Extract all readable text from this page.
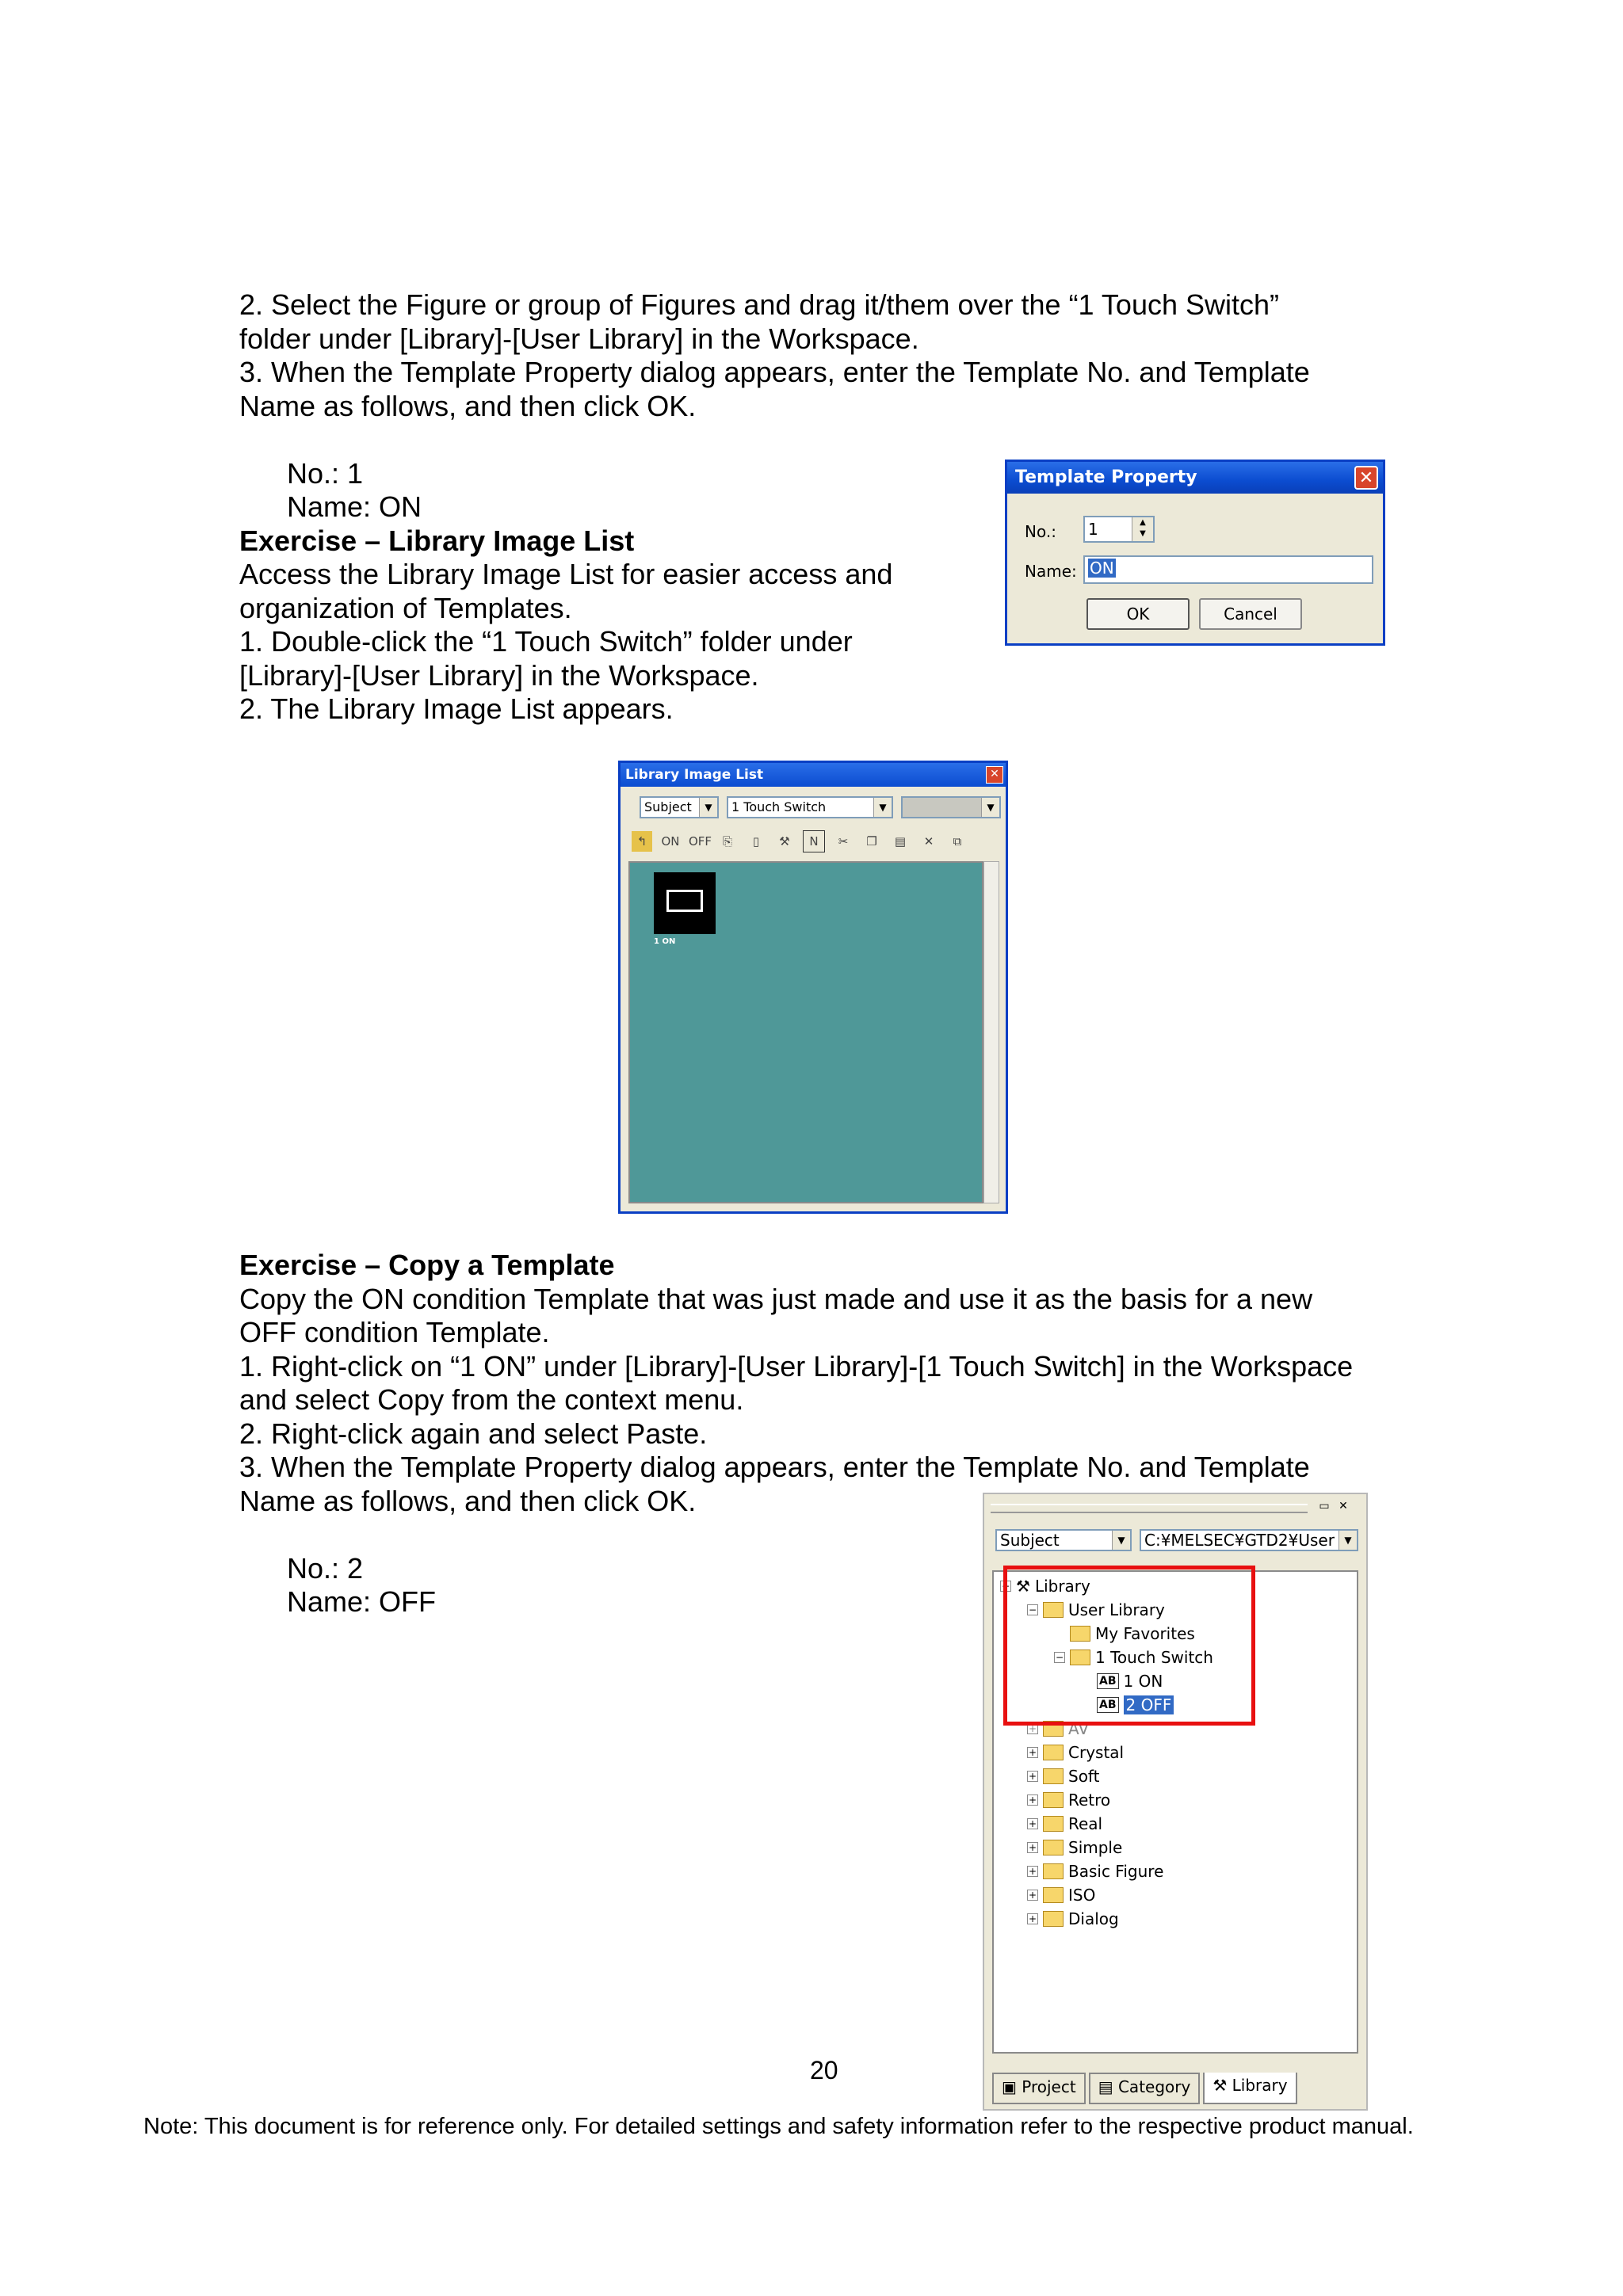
2. Select the Figure or group of Figures and drag it/them over the “1 Touch Switch”

folder under [Library]-[User Library] in the Workspace.

3. When the Template Property dialog appears, enter the Template No. and Template

Name as follows, and then click OK.

No.: 1

Name: ON

Exercise – Library Image List

Access the Library Image List for easier access and

organization of Templates.

1. Double-click the “1 Touch Switch” folder under

[Library]-[User Library] in the Workspace.

2. The Library Image List appears.

Template Property	✕
No.:	1	▲
▼
Name: ON
OK	Cancel
Library Image List	✕
Subject	▼	1 Touch Switch	▼	▼
↰	ON OFF ⎘	▯	⚒	N	✂	❐	▤	✕	⧉
1 ON

Exercise – Copy a Template

Copy the ON condition Template that was just made and use it as the basis for a new

OFF condition Template.

1. Right-click on “1 ON” under [Library]-[User Library]-[1 Touch Switch] in the Workspace

and select Copy from the context menu.

2. Right-click again and select Paste.

3. When the Template Property dialog appears, enter the Template No. and Template

Name as follows, and then click OK.

No.: 2

Name: OFF

▭ ✕
Subject	▼	C:¥MELSEC¥GTD2¥User	▼
− ⚒ Library
− User Library
My Favorites
− 1 Touch Switch
AB 1 ON
AB 2 OFF
+ AV
+ Crystal
+ Soft
+ Retro
+ Real
+ Simple
+ Basic Figure
+ ISO
+ Dialog
▣ Project	▤ Category	⚒ Library
20
Note: This document is for reference only. For detailed settings and safety information refer to the respective product manual.
